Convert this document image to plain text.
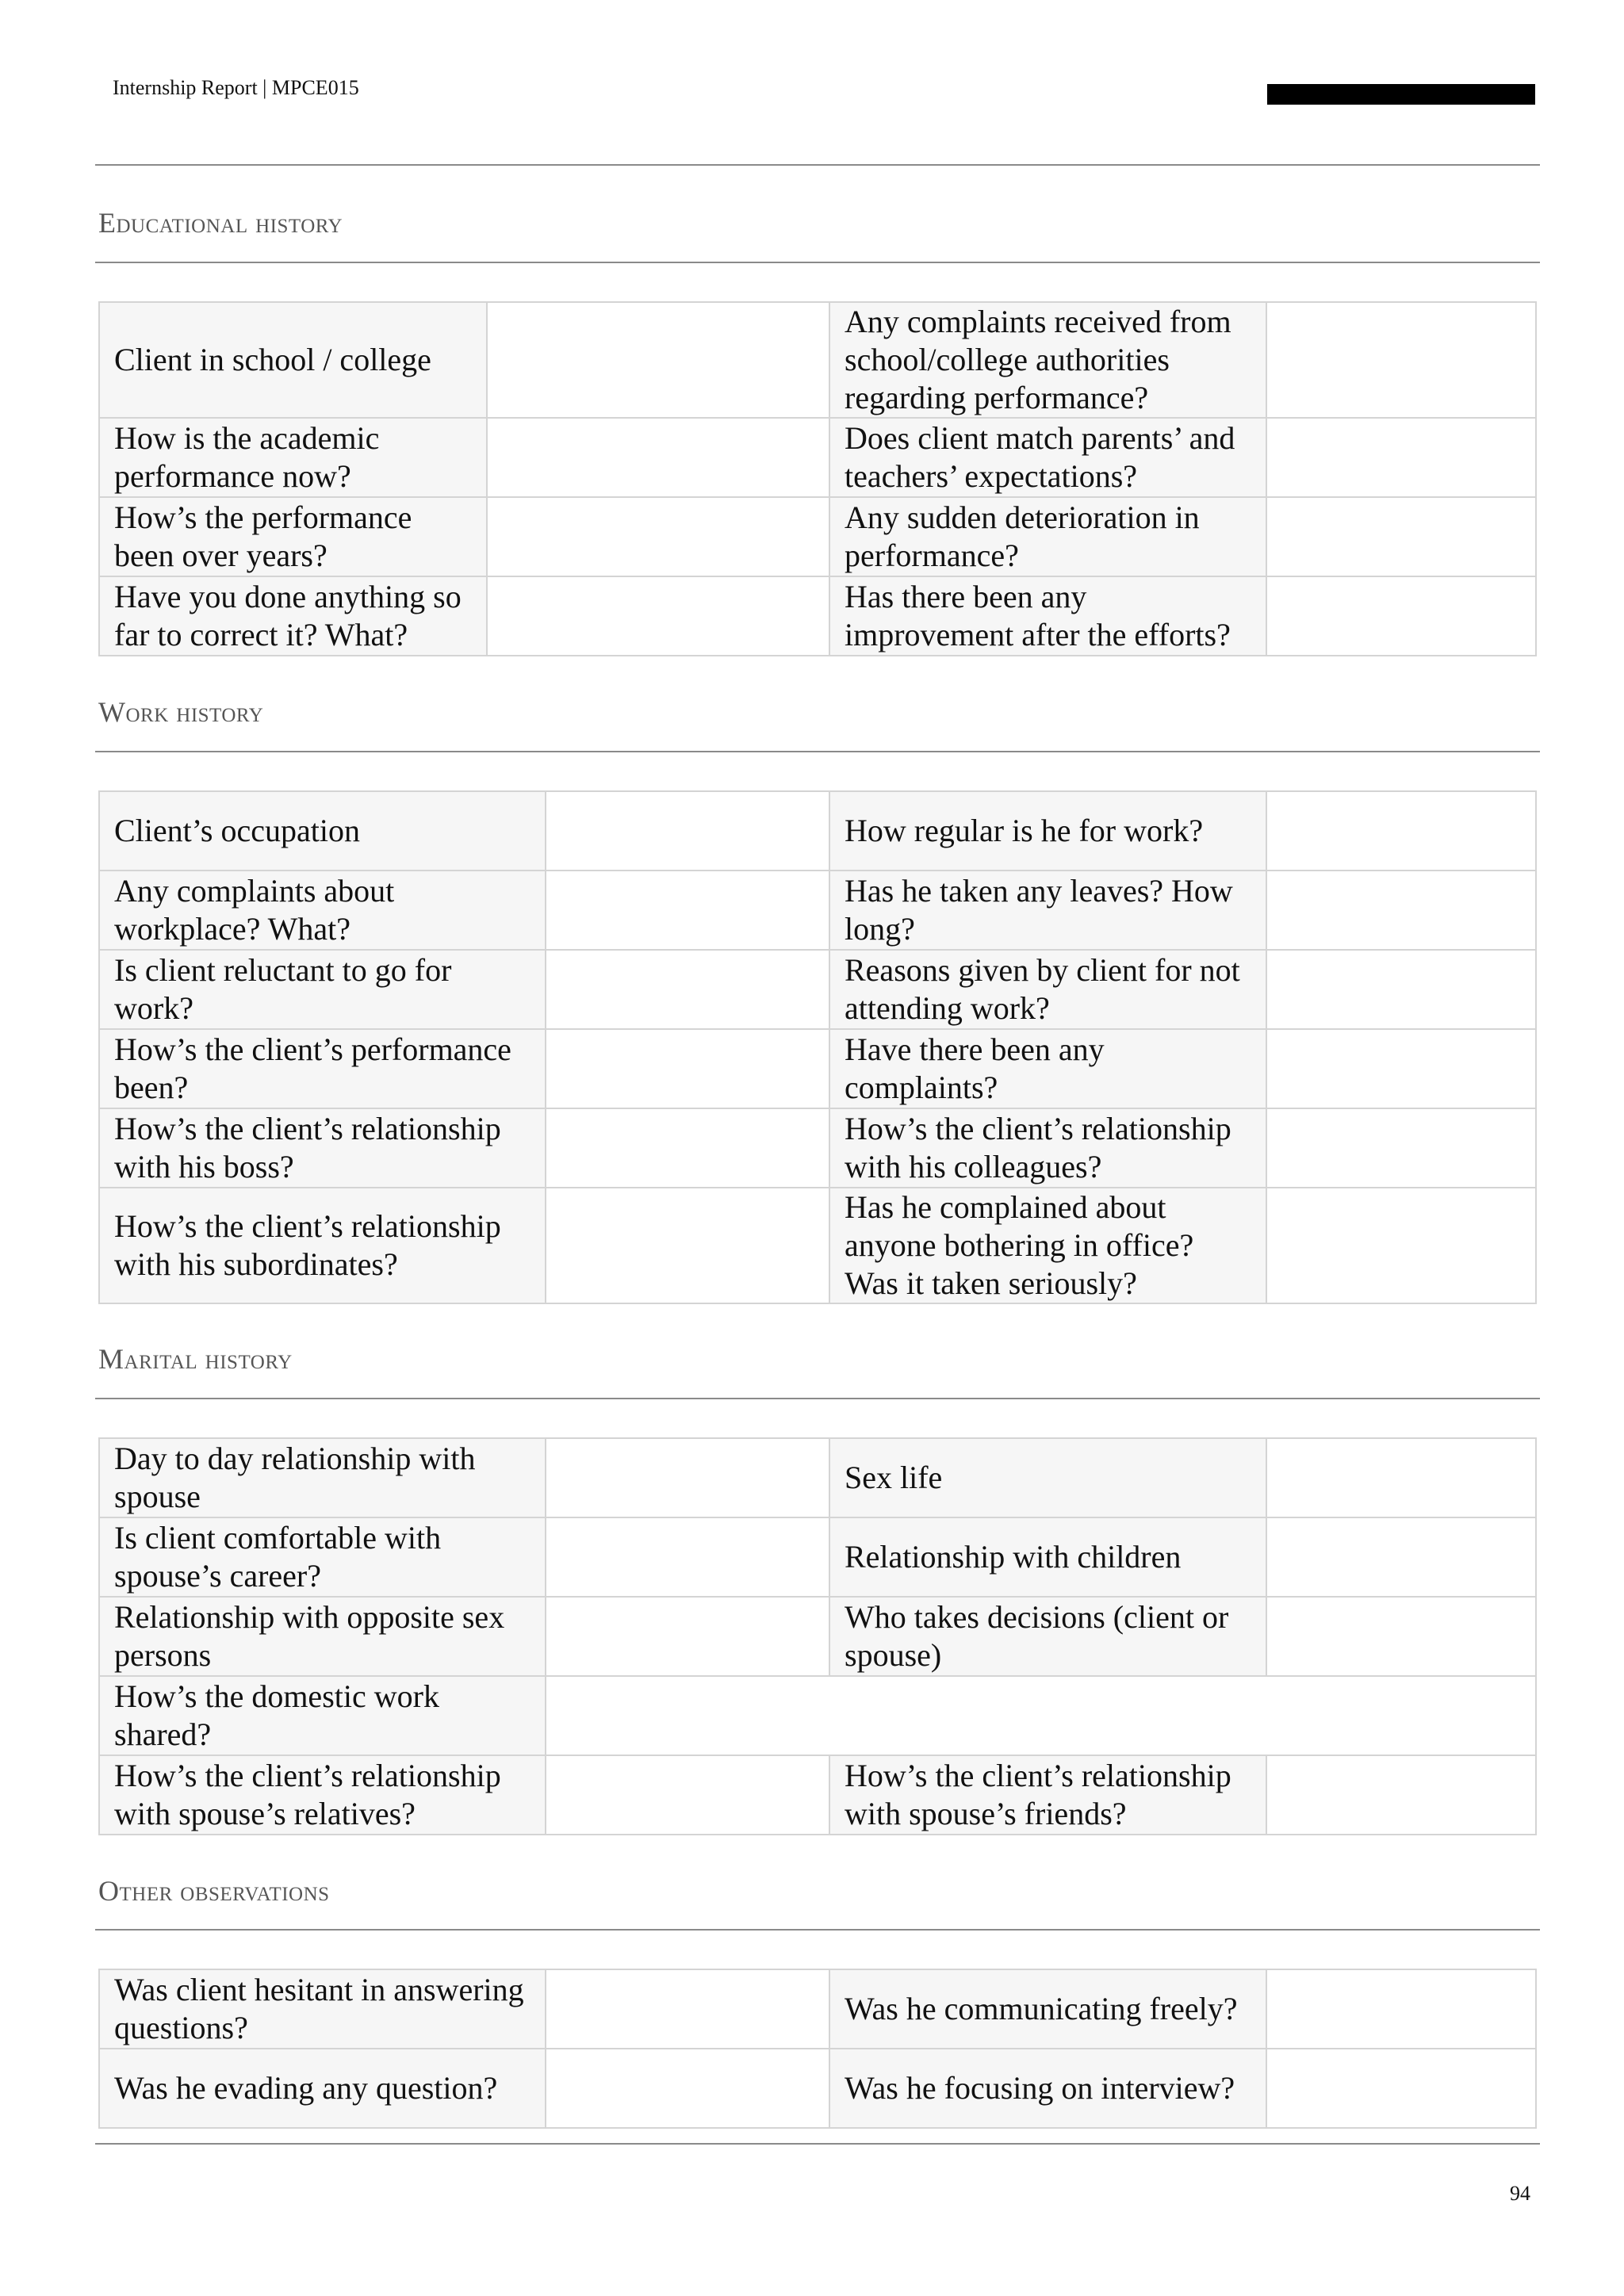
Internship Report | MPCE015
Educational history
Client in school / college		Any complaints received from school/college authorities regarding performance?	
How is the academic performance now?		Does client match parents’ and teachers’ expectations?	
How’s the performance been over years?		Any sudden deterioration in performance?	
Have you done anything so far to correct it? What?		Has there been any improvement after the efforts?	
Work history
Client’s occupation		How regular is he for work?	
Any complaints about workplace? What?		Has he taken any leaves? How long?	
Is client reluctant to go for work?		Reasons given by client for not attending work?	
How’s the client’s performance been?		Have there been any complaints?	
How’s the client’s relationship with his boss?		How’s the client’s relationship with his colleagues?	
How’s the client’s relationship with his subordinates?		Has he complained about anyone bothering in office? Was it taken seriously?	
Marital history
Day to day relationship with spouse		Sex life	
Is client comfortable with spouse’s career?		Relationship with children	
Relationship with opposite sex persons		Who takes decisions (client or spouse)	
How’s the domestic work shared?			
How’s the client’s relationship with spouse’s relatives?		How’s the client’s relationship with spouse’s friends?	
Other observations
Was client hesitant in answering questions?		Was he communicating freely?	
Was he evading any question?		Was he focusing on interview?	
94
